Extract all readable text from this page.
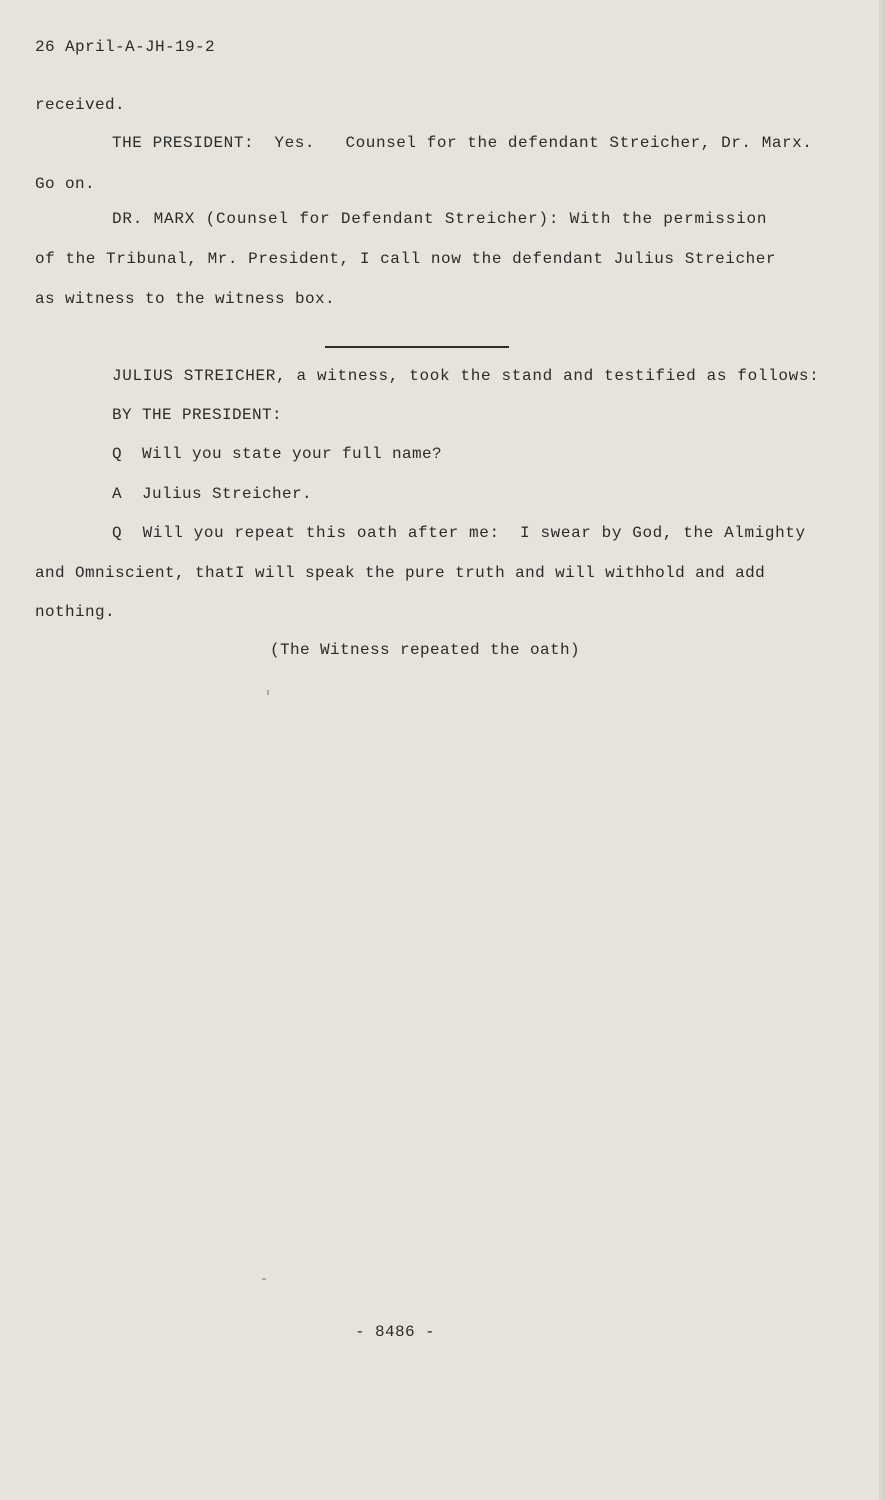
26 April-A-JH-19-2
received.
THE PRESIDENT:  Yes.   Counsel for the defendant Streicher, Dr. Marx.
Go on.
DR. MARX (Counsel for Defendant Streicher): With the permission
of the Tribunal, Mr. President, I call now the defendant Julius Streicher
as witness to the witness box.
JULIUS STREICHER, a witness, took the stand and testified as follows:
BY THE PRESIDENT:
Q  Will you state your full name?
A  Julius Streicher.
Q  Will you repeat this oath after me:  I swear by God, the Almighty
and Omniscient, thatI will speak the pure truth and will withhold and add
nothing.
(The Witness repeated the oath)
- 8486 -
